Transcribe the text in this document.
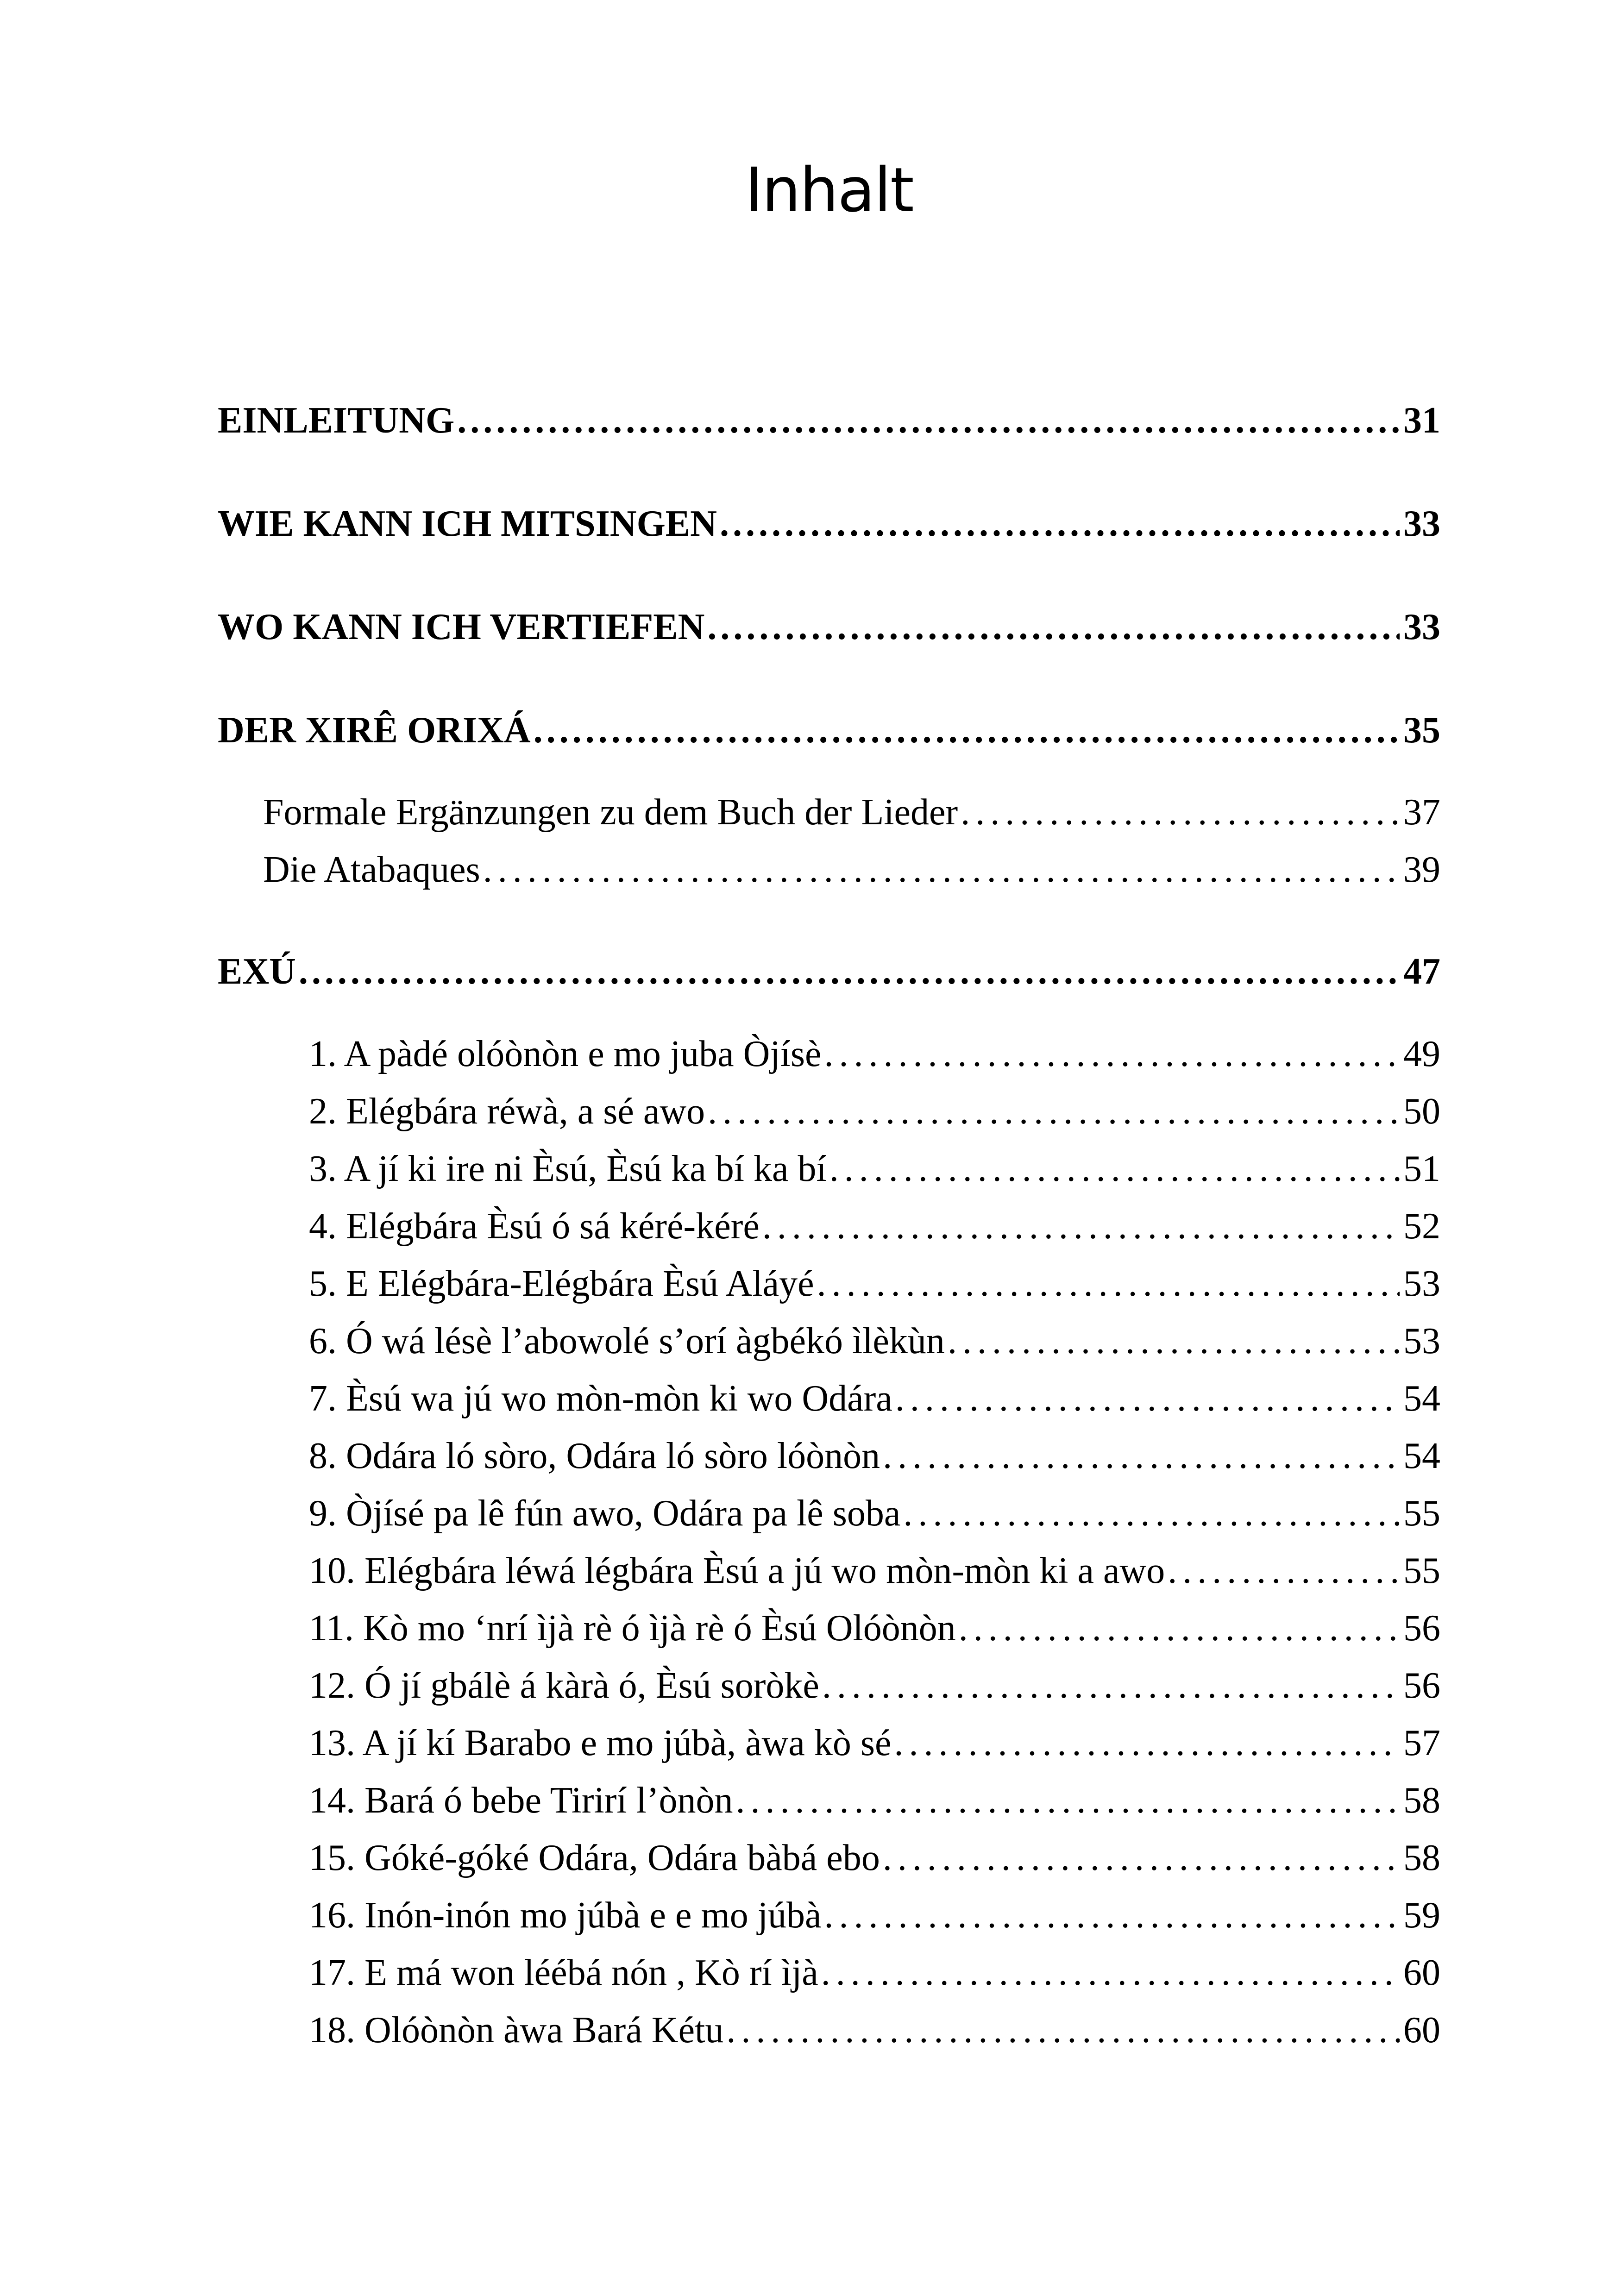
Inhalt
EINLEITUNG . . .	31
WIE KANN ICH MITSINGEN . . .	33
WO KANN ICH VERTIEFEN . . .	33
DER XIRÊ ORIXÁ . . .	35
Formale Ergänzungen zu dem Buch der Lieder . . .	37
Die Atabaques . . .	39
EXÚ . . .	47
1. A pàdé olóònòn e mo juba Òjísè . . .	49
2. Elégbára réwà, a sé awo . . .	50
3. A jí ki ire ni Èsú, Èsú ka bí ka bí . . .	51
4. Elégbára Èsú ó sá kéré-kéré . . .	52
5. E Elégbára-Elégbára Èsú Aláyé . . .	53
6. Ó wá lésè l’abowolé s’orí àgbékó ìlèkùn . . .	53
7. Èsú wa jú wo mòn-mòn ki wo Odára . . .	54
8. Odára ló sòro, Odára ló sòro lóònòn . . .	54
9. Òjísé pa lê fún awo, Odára pa lê soba . . .	55
10. Elégbára léwá légbára Èsú a jú wo mòn-mòn ki a awo . . .	55
11. Kò mo ‘nrí ìjà rè ó ìjà rè ó Èsú Olóònòn . . .	56
12. Ó jí gbálè á kàrà ó, Èsú soròkè . . .	56
13. A jí kí Barabo e mo júbà, àwa kò sé . . .	57
14. Bará ó bebe Tirirí l’ònòn . . .	58
15. Góké-góké Odára, Odára bàbá ebo . . .	58
16. Inón-inón mo júbà e e mo júbà . . .	59
17. E má won léébá nón , Kò rí ìjà . . .	60
18. Olóònòn àwa Bará Kétu . . .	60
